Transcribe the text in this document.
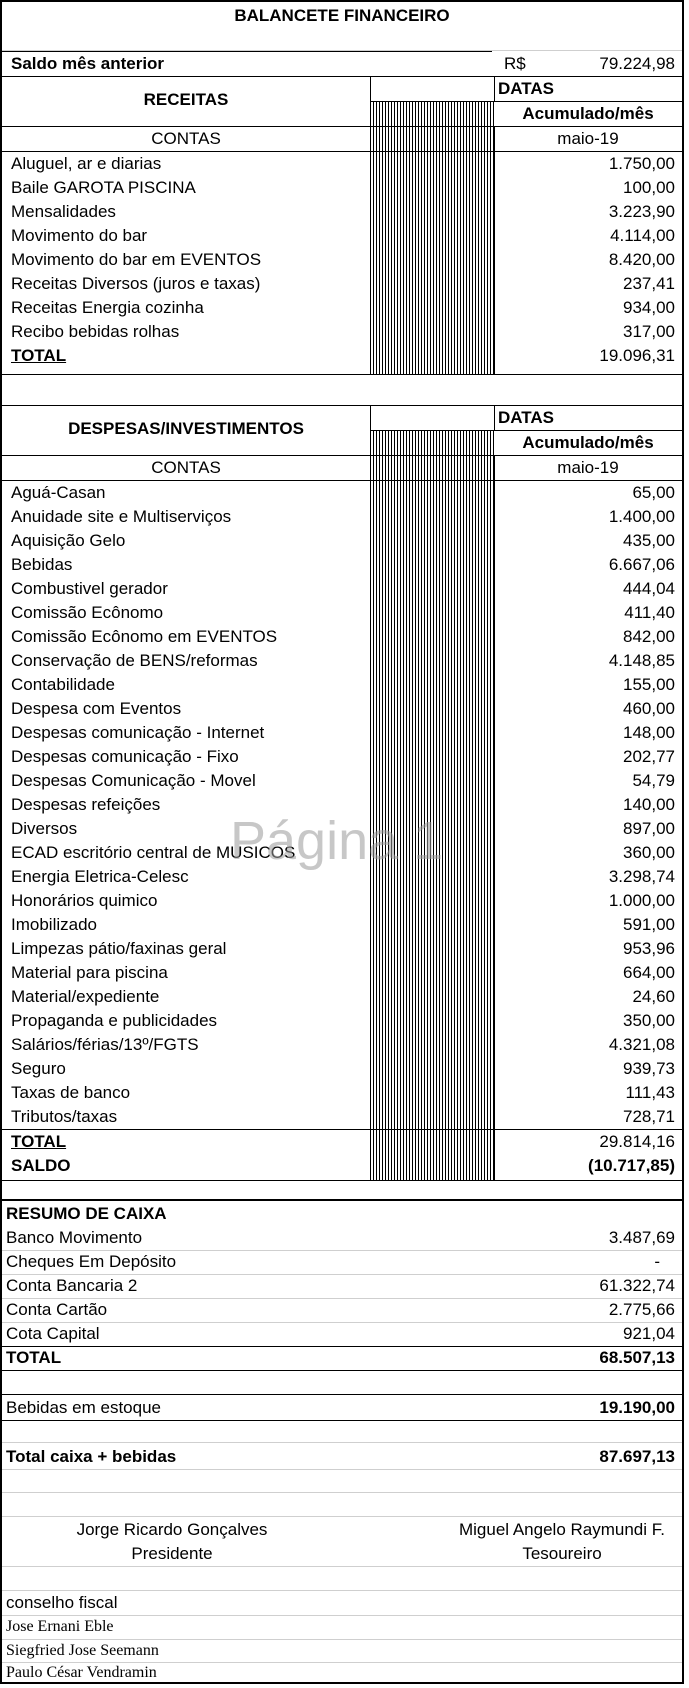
BALANCETE FINANCEIRO
Saldo mês anterior	R$	79.224,98
RECEITAS
DATAS
Acumulado/mês
CONTAS	maio-19
Aluguel, ar e diarias	1.750,00
Baile GAROTA PISCINA	100,00
Mensalidades	3.223,90
Movimento do bar	4.114,00
Movimento do bar em EVENTOS	8.420,00
Receitas Diversos (juros e taxas)	237,41
Receitas Energia cozinha	934,00
Recibo bebidas rolhas	317,00
TOTAL	19.096,31
DESPESAS/INVESTIMENTOS
DATAS
Acumulado/mês
CONTAS	maio-19
Aguá-Casan	65,00
Anuidade site e Multiserviços	1.400,00
Aquisição Gelo	435,00
Bebidas	6.667,06
Combustivel gerador	444,04
Comissão Ecônomo	411,40
Comissão Ecônomo em EVENTOS	842,00
Conservação de BENS/reformas	4.148,85
Contabilidade	155,00
Despesa com Eventos	460,00
Despesas comunicação - Internet	148,00
Despesas comunicação - Fixo	202,77
Despesas Comunicação - Movel	54,79
Despesas refeições	140,00
Diversos	897,00
ECAD escritório central de MUSICOS	360,00
Energia Eletrica-Celesc	3.298,74
Honorários quimico	1.000,00
Imobilizado	591,00
Limpezas pátio/faxinas geral	953,96
Material para piscina	664,00
Material/expediente	24,60
Propaganda e publicidades	350,00
Salários/férias/13º/FGTS	4.321,08
Seguro	939,73
Taxas de banco	111,43
Tributos/taxas	728,71
TOTAL	29.814,16
SALDO	(10.717,85)
Página 1
RESUMO DE CAIXA
Banco Movimento	3.487,69
Cheques Em Depósito	-
Conta Bancaria 2	61.322,74
Conta Cartão	2.775,66
Cota Capital	921,04
TOTAL	68.507,13
Bebidas em estoque	19.190,00
Total caixa + bebidas	87.697,13
Jorge Ricardo Gonçalves
Presidente
Miguel Angelo Raymundi F.
Tesoureiro
conselho fiscal
Jose Ernani Eble
Siegfried Jose Seemann
Paulo César Vendramin
